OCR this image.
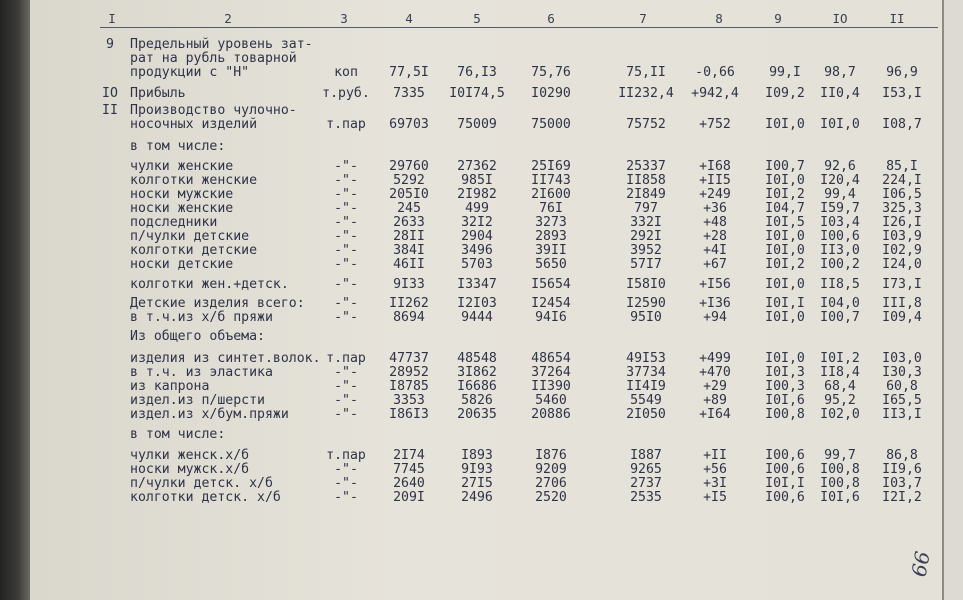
I	2	3	4	5	6	7	8	9	IO	II
9 Предельный уровень зат-
рат на рубль товарной
продукции с "Н"	коп	77,5I	76,I3	75,76	75,II	-0,66	99,I	98,7	96,9
IO Прибыль	т.руб.	7335	I0I74,5	I0290	II232,4	+942,4	I09,2	II0,4	I53,I
II Производство чулочно-
носочных изделий	т.пар	69703	75009	75000	75752	+752	I0I,0	I0I,0	I08,7
в том числе:
чулки женские	-"-	29760	27362	25I69	25337	+I68	I00,7	92,6	85,I
колготки женские	-"-	5292	985I	II743	II858	+II5	I0I,0	I20,4	224,I
носки мужские	-"-	205I0	2I982	2I600	2I849	+249	I0I,2	99,4	I06,5
носки женские	-"-	245	499	76I	797	+36	I04,7	I59,7	325,3
подследники	-"-	2633	32I2	3273	332I	+48	I0I,5	I03,4	I26,I
п/чулки детские	-"-	28II	2904	2893	292I	+28	I0I,0	I00,6	I03,9
колготки детские	-"-	384I	3496	39II	3952	+4I	I0I,0	II3,0	I02,9
носки детские	-"-	46II	5703	5650	57I7	+67	I0I,2	I00,2	I24,0
колготки жен.+детск.	-"-	9I33	I3347	I5654	I58I0	+I56	I0I,0	II8,5	I73,I
Детские изделия всего:	-"-	II262	I2I03	I2454	I2590	+I36	I0I,I	I04,0	III,8
в т.ч.из х/б пряжи	-"-	8694	9444	94I6	95I0	+94	I0I,0	I00,7	I09,4
Из общего объема:
изделия из синтет.волок. т.пар	47737	48548	48654	49I53	+499	I0I,0	I0I,2	I03,0
в т.ч. из эластика	-"-	28952	3I862	37264	37734	+470	I0I,3	II8,4	I30,3
из капрона	-"-	I8785	I6686	II390	II4I9	+29	I00,3	68,4	60,8
издел.из п/шерсти	-"-	3353	5826	5460	5549	+89	I0I,6	95,2	I65,5
издел.из х/бум.пряжи	-"-	I86I3	20635	20886	2I050	+I64	I00,8	I02,0	II3,I
в том числе:
чулки женск.х/б	т.пар	2I74	I893	I876	I887	+II	I00,6	99,7	86,8
носки мужск.х/б	-"-	7745	9I93	9209	9265	+56	I00,6	I00,8	II9,6
п/чулки детск. х/б	-"-	2640	27I5	2706	2737	+3I	I0I,I	I00,8	I03,7
колготки детск. х/б	-"-	209I	2496	2520	2535	+I5	I00,6	I0I,6	I2I,2
66
